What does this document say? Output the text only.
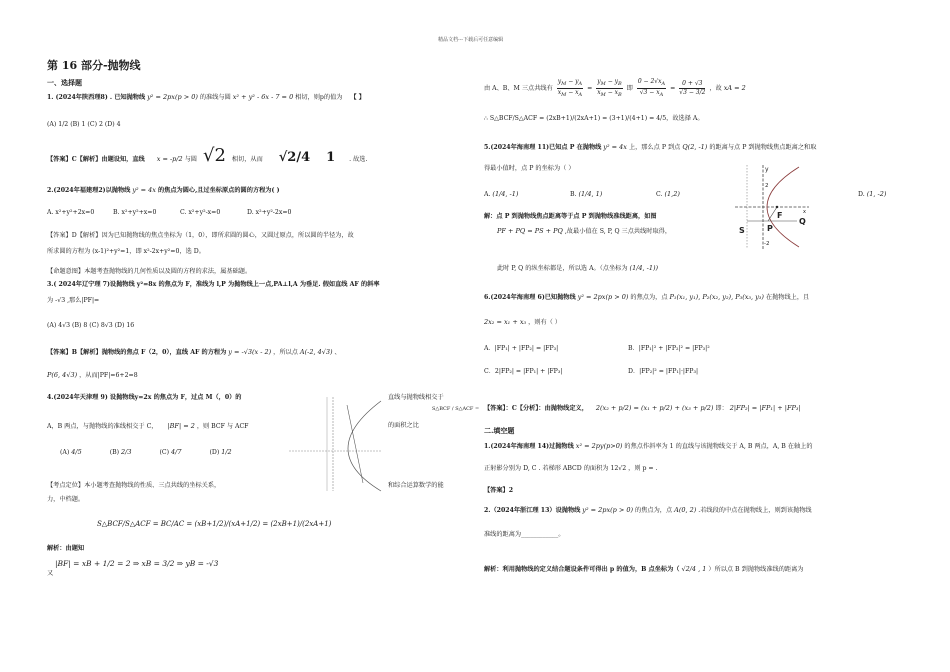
精品文档---下载后可任意编辑
第 16 部分-抛物线
一、选择题
1. (2024年陕西理8) . 已知抛物线 y² = 2px(p > 0) 的准线与圆 x² + y² - 6x - 7 = 0 相切，则p的值为 【 】
(A) 1/2 (B) 1 (C) 2 (D) 4
【答案】C【解析】由题设知，直线 x = -p/2 与圆 √2 相切，从而 √2/4 1 . 故选.
2.(2024年福建理2)以抛物线 y² = 4x 的焦点为圆心,且过坐标原点的圆的方程为( )
A. x²+y²+2x=0	B. x²+y²+x=0	C. x²+y²-x=0	D. x²+y²-2x=0
【答案】D【解析】因为已知抛物线的焦点坐标为（1，0），即所求圆的圆心，又圆过原点，所以圆的半径为，故
所求圆的方程为 (x-1)²+y²=1，即 x²-2x+y²=0，选 D。
【命题意图】本题考查抛物线的几何性质以及圆的方程的求法，属基础题。
3.( 2024年辽宁理 7)设抛物线 y²=8x 的焦点为 F，准线为 l,P 为抛物线上一点,PA⊥l,A 为垂足. 假如直线 AF 的斜率
为 -√3 ,那么|PF|=
(A) 4√3 (B) 8 (C) 8√3 (D) 16
【答案】B【解析】抛物线的焦点 F（2，0），直线 AF 的方程为 y = -√3(x - 2) ，所以点 A(-2, 4√3) 、
P(6, 4√3) ，从而|PF|=6+2=8
4.(2024年天津理 9) 设抛物线y=2x 的焦点为 F，过点 M（，0）的	直线与抛物线相交于
A，B 两点，与抛物线的准线相交于 C， |BF| = 2 ，则 BCF 与 ACF	的面积之比
S△BCF / S△ACF =
(A) 4/5	(B) 2/3	(C) 4/7	(D) 1/2
【考点定位】本小题考查抛物线的性质、三点共线的坐标关系，	和综合运算数学的能
力，中档题。
S△BCF/S△ACF = BC/AC = (xB+1/2)/(xA+1/2) = (2xB+1)/(2xA+1)
解析：由题知
又
|BF| = xB + 1/2 = 2 ⇒ xB = 3/2 ⇒ yB = -√3
由 A、B、M 三点共线有 $\frac{y_M - y_A}{x_M - x_A} = \frac{y_M - y_B}{x_M - x_B}$ 即 $\frac{0 - 2√x_A}{√3 - x_A} = \frac{0 + √3}{√3 - 3/2}$ ，故 xA = 2
∴ S△BCF/S△ACF = (2xB+1)/(2xA+1) = (3+1)/(4+1) = 4/5，故选择 A。
5.(2024年海南理 11)已知点 P 在抛物线 y² = 4x 上，那么点 P 到点 Q(2, -1) 的距离与点 P 到抛物线焦点距离之和取
得最小值时，点 P 的坐标为（ ）
A. (1/4, -1)	B. (1/4, 1)	C. (1,2)	D. (1, -2)
解：点 P 到抛物线焦点距离等于点 P 到抛物线准线距离，如图
PF + PQ = PS + PQ ,故最小值在 S, P, Q 三点共线时取得，
此时 P, Q 的纵坐标都是，所以选 A。（点坐标为 (1/4, -1))
y
2
-2
F
P
Q
S
x
6.(2024年海南理 6)已知抛物线 y² = 2px(p > 0) 的焦点为，点 P₁(x₁, y₁), P₂(x₂, y₂), P₃(x₃, y₃) 在抛物线上，且
2x₂ = x₁ + x₃ ，则有（ ）
A．|FP₁| + |FP₂| = |FP₃|	B．|FP₁|² + |FP₂|² = |FP₃|²
C．2|FP₂| = |FP₁| + |FP₃|	D．|FP₂|² = |FP₁|·|FP₃|
【答案】：C【分析】：由抛物线定义， 2(x₂ + p/2) = (x₁ + p/2) + (x₃ + p/2) 即： 2|FP₂| = |FP₁| + |FP₃|
二.填空题
1.(2024年海南理 14)过抛物线 x² = 2py(p>0) 的焦点作斜率为 1 的直线与该抛物线交于 A, B 两点，A, B 在轴上的
正射影分别为 D, C . 若梯形 ABCD 的面积为 12√2 ，则 p = .
【答案】2
2.（2024年浙江理 13）设抛物线 y² = 2px(p > 0) 的焦点为，点 A(0, 2) .若线段的中点在抛物线上，则到该抛物线
准线的距离为____________。
解析：利用抛物线的定义结合题设条件可得出 p 的值为，B 点坐标为（ √2/4 , 1 ）所以点 B 到抛物线准线的距离为
